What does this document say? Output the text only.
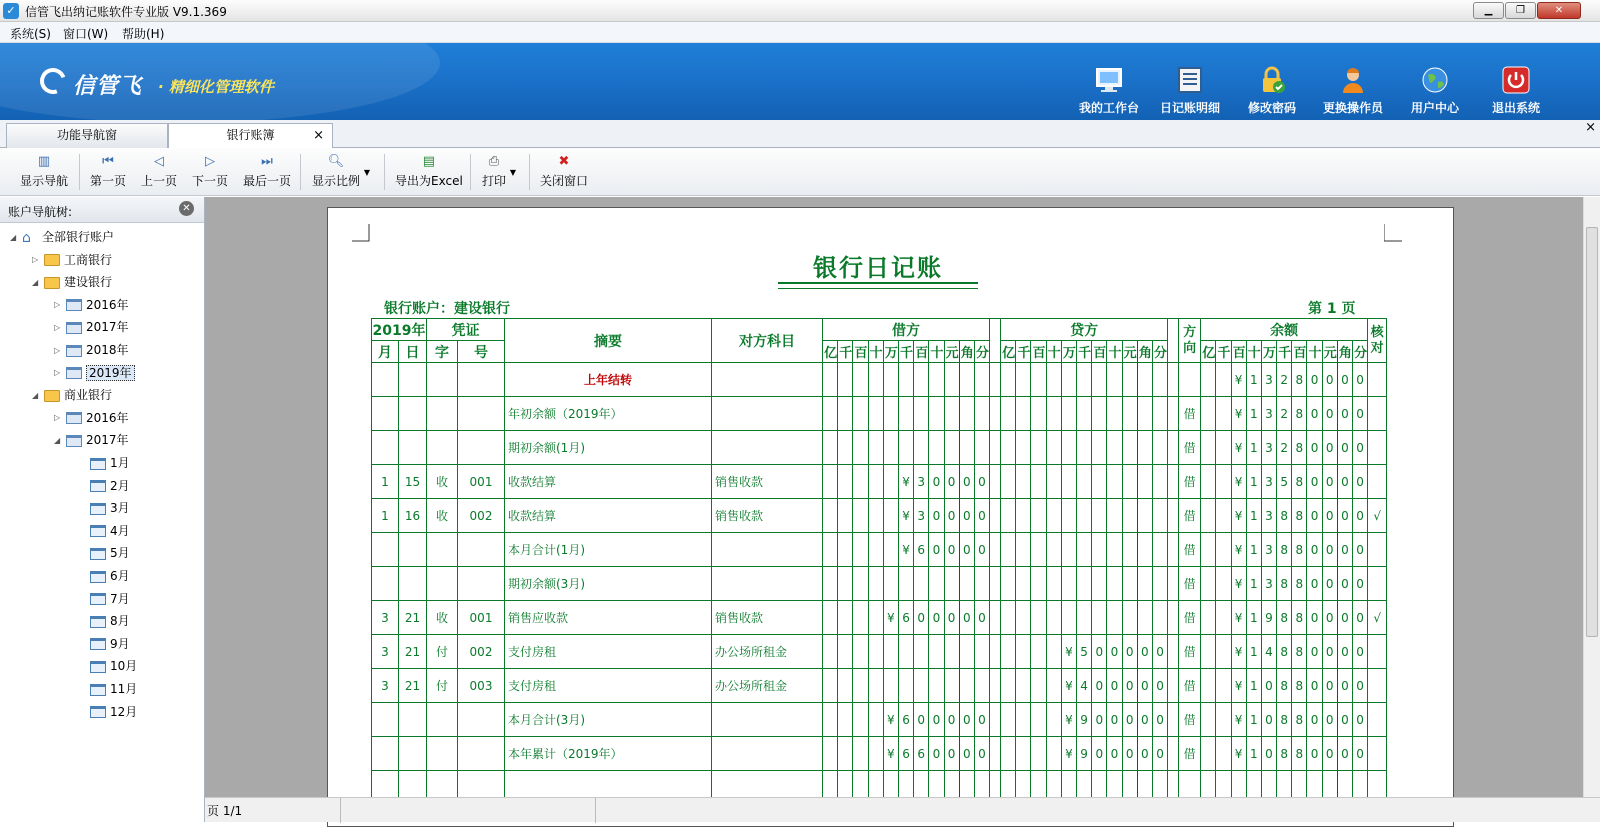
✓ 信管飞出纳记账软件专业版 V9.1.369	▁	❐	✕
系统(S) 窗口(W) 帮助(H)
信管飞 · 精细化管理软件
我的工作台	日记账明细	修改密码	更换操作员	用户中心	退出系统
功能导航窗	银行账簿	×
×
▥
显示导航
⏮
第一页
◁
上一页
▷
下一页
⏭
最后一页
🔍︎
显示比例
▼
▤
导出为Excel
⎙
打印
▼
✖
关闭窗口
账户导航树:	✕
◢ ⌂ 全部银行账户
▷ 工商银行
◢ 建设银行
▷ 2016年
▷ 2017年
▷ 2018年
▷ 2019年
◢ 商业银行
▷ 2016年
◢ 2017年
1月
2月
3月
4月
5月
6月
7月
8月
9月
10月
11月
12月
银行日记账
银行账户：建设银行	第 1 页
2019年		凭证		摘要	对方科目	借方												贷方												方向	余额											核对
月	日	字	号			亿	千	百	十	万	千	百	十	元	角	分		亿	千	百	十	万	千	百	十	元	角	分			亿	千	百	十	万	千	百	十	元	角	分	
				上年结转																													¥	1	3	2	8	0	0	0	0	
				年初余额（2019年）																										借			¥	1	3	2	8	0	0	0	0	
				期初余额(1月)																										借			¥	1	3	2	8	0	0	0	0	
1	15	收	001	收款结算	销售收款						¥	3	0	0	0	0														借			¥	1	3	5	8	0	0	0	0	
1	16	收	002	收款结算	销售收款						¥	3	0	0	0	0														借			¥	1	3	8	8	0	0	0	0	√
				本月合计(1月)							¥	6	0	0	0	0														借			¥	1	3	8	8	0	0	0	0	
				期初余额(3月)																										借			¥	1	3	8	8	0	0	0	0	
3	21	收	001	销售应收款	销售收款					¥	6	0	0	0	0	0														借			¥	1	9	8	8	0	0	0	0	√
3	21	付	002	支付房租	办公场所租金																	¥	5	0	0	0	0	0		借			¥	1	4	8	8	0	0	0	0	
3	21	付	003	支付房租	办公场所租金																	¥	4	0	0	0	0	0		借			¥	1	0	8	8	0	0	0	0	
				本月合计(3月)						¥	6	0	0	0	0	0						¥	9	0	0	0	0	0		借			¥	1	0	8	8	0	0	0	0	
				本年累计（2019年）						¥	6	6	0	0	0	0						¥	9	0	0	0	0	0		借			¥	1	0	8	8	0	0	0	0	

页 1/1
